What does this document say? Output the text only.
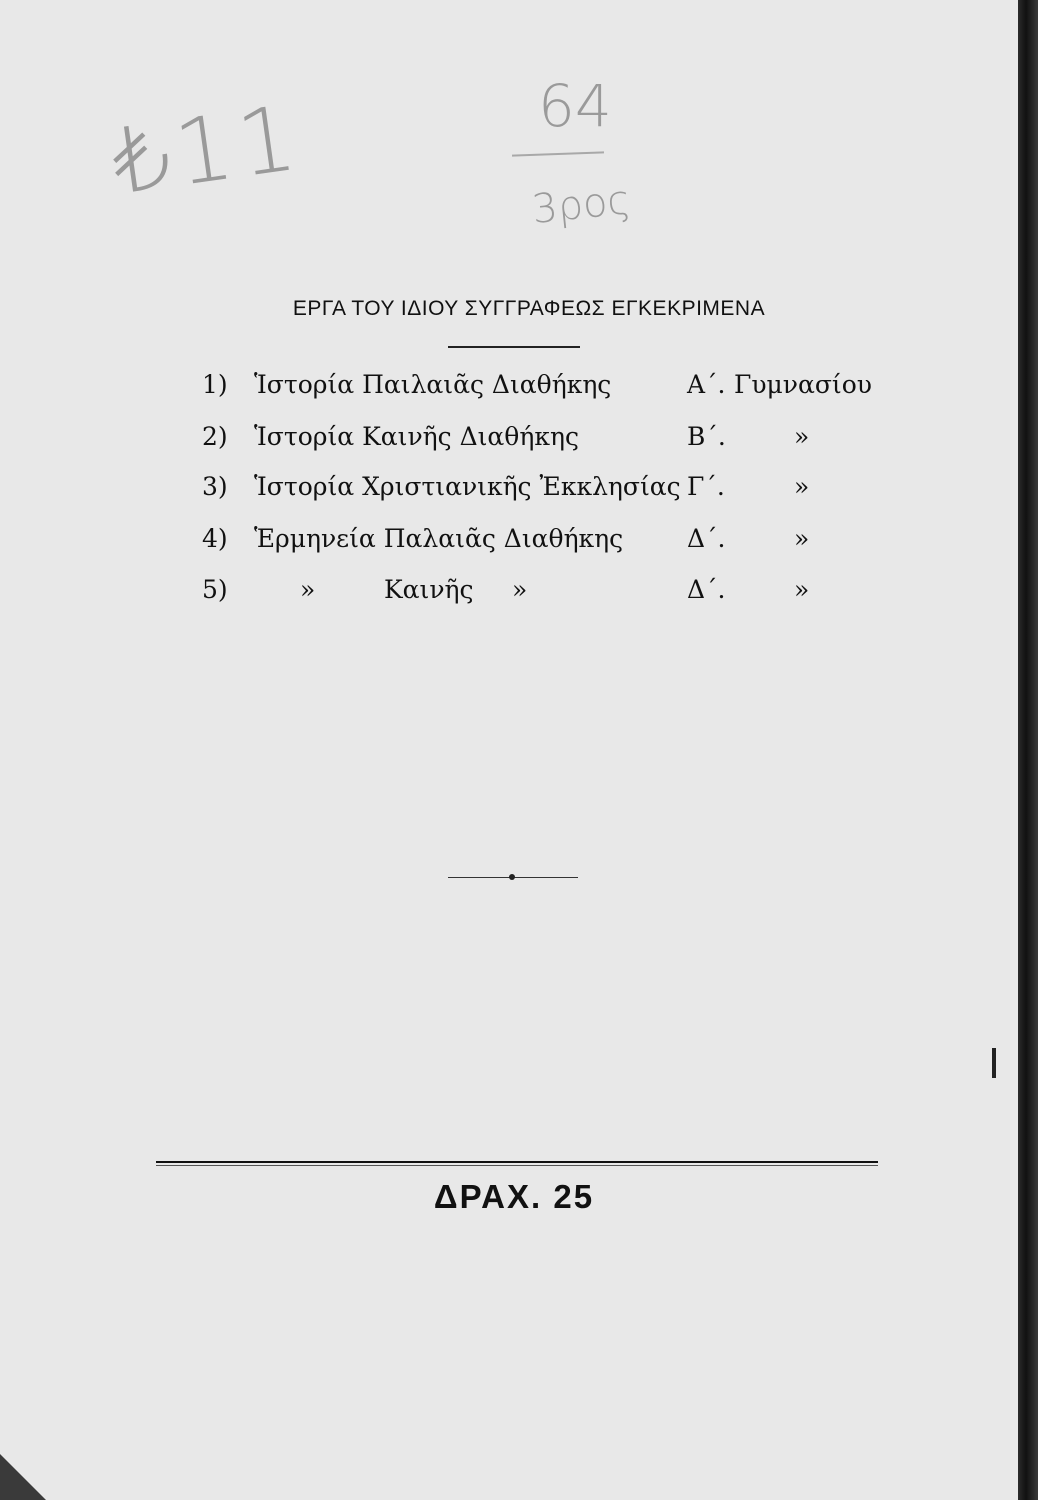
₺11	64
3ρος
ΕΡΓΑ ΤΟΥ ΙΔΙΟΥ ΣΥΓΓΡΑΦΕΩΣ ΕΓΚΕΚΡΙΜΕΝΑ
1) Ἱστορία Παιλαιᾶς Διαθήκης	Α΄. Γυμνασίου
2) Ἱστορία Καινῆς Διαθήκης	Β΄.	»
3) Ἱστορία Χριστιανικῆς Ἐκκλησίας Γ΄.	»
4) Ἑρμηνεία Παλαιᾶς Διαθήκης	Δ΄.	»
5)	»	Καινῆς »	Δ΄.	»
ΔΡΑΧ. 25
